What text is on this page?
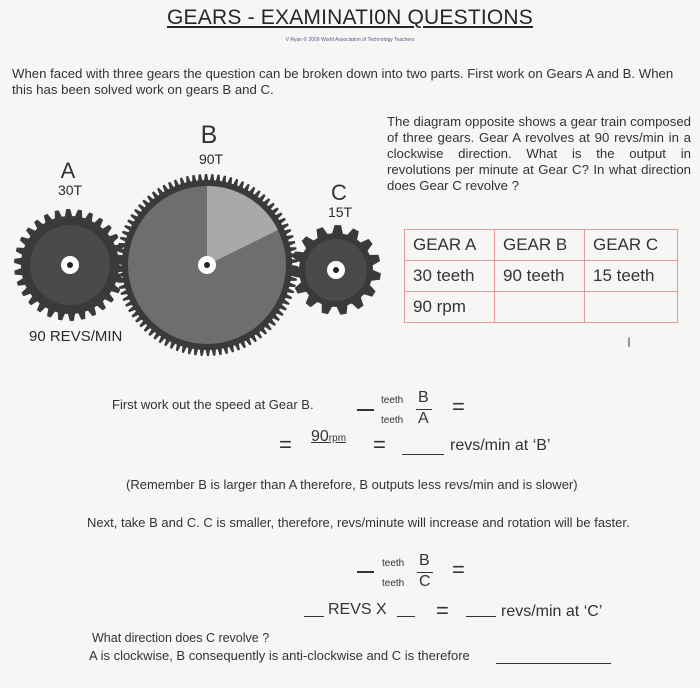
GEARS - EXAMINATI0N QUESTIONS
V Ryan © 2009 World Association of Technology Teachers
When faced with three gears the question can be broken down into two parts. First work on Gears A and B. When this has been solved work on gears B and C.
A
30T
B
90T
C
15T
90 REVS/MIN
The diagram opposite shows a gear train composed of three gears. Gear A revolves at 90 revs/min in a clockwise direction. What is the output in revolutions per minute at Gear C? In what direction does Gear C revolve ?
GEAR A	GEAR B	GEAR C
30 teeth	90 teeth	15 teeth
90 rpm		
I
First work out the speed at Gear B.	teeth
teeth
B
A =
= 90rpm =	revs/min at ‘B’
(Remember B is larger than A therefore, B outputs less revs/min and is slower)
Next, take B and C. C is smaller, therefore, revs/minute will increase and rotation will be faster.
teeth
teeth
B
C =
REVS X =	revs/min at ‘C’
What direction does C revolve ?
A is clockwise, B consequently is anti-clockwise and C is therefore
